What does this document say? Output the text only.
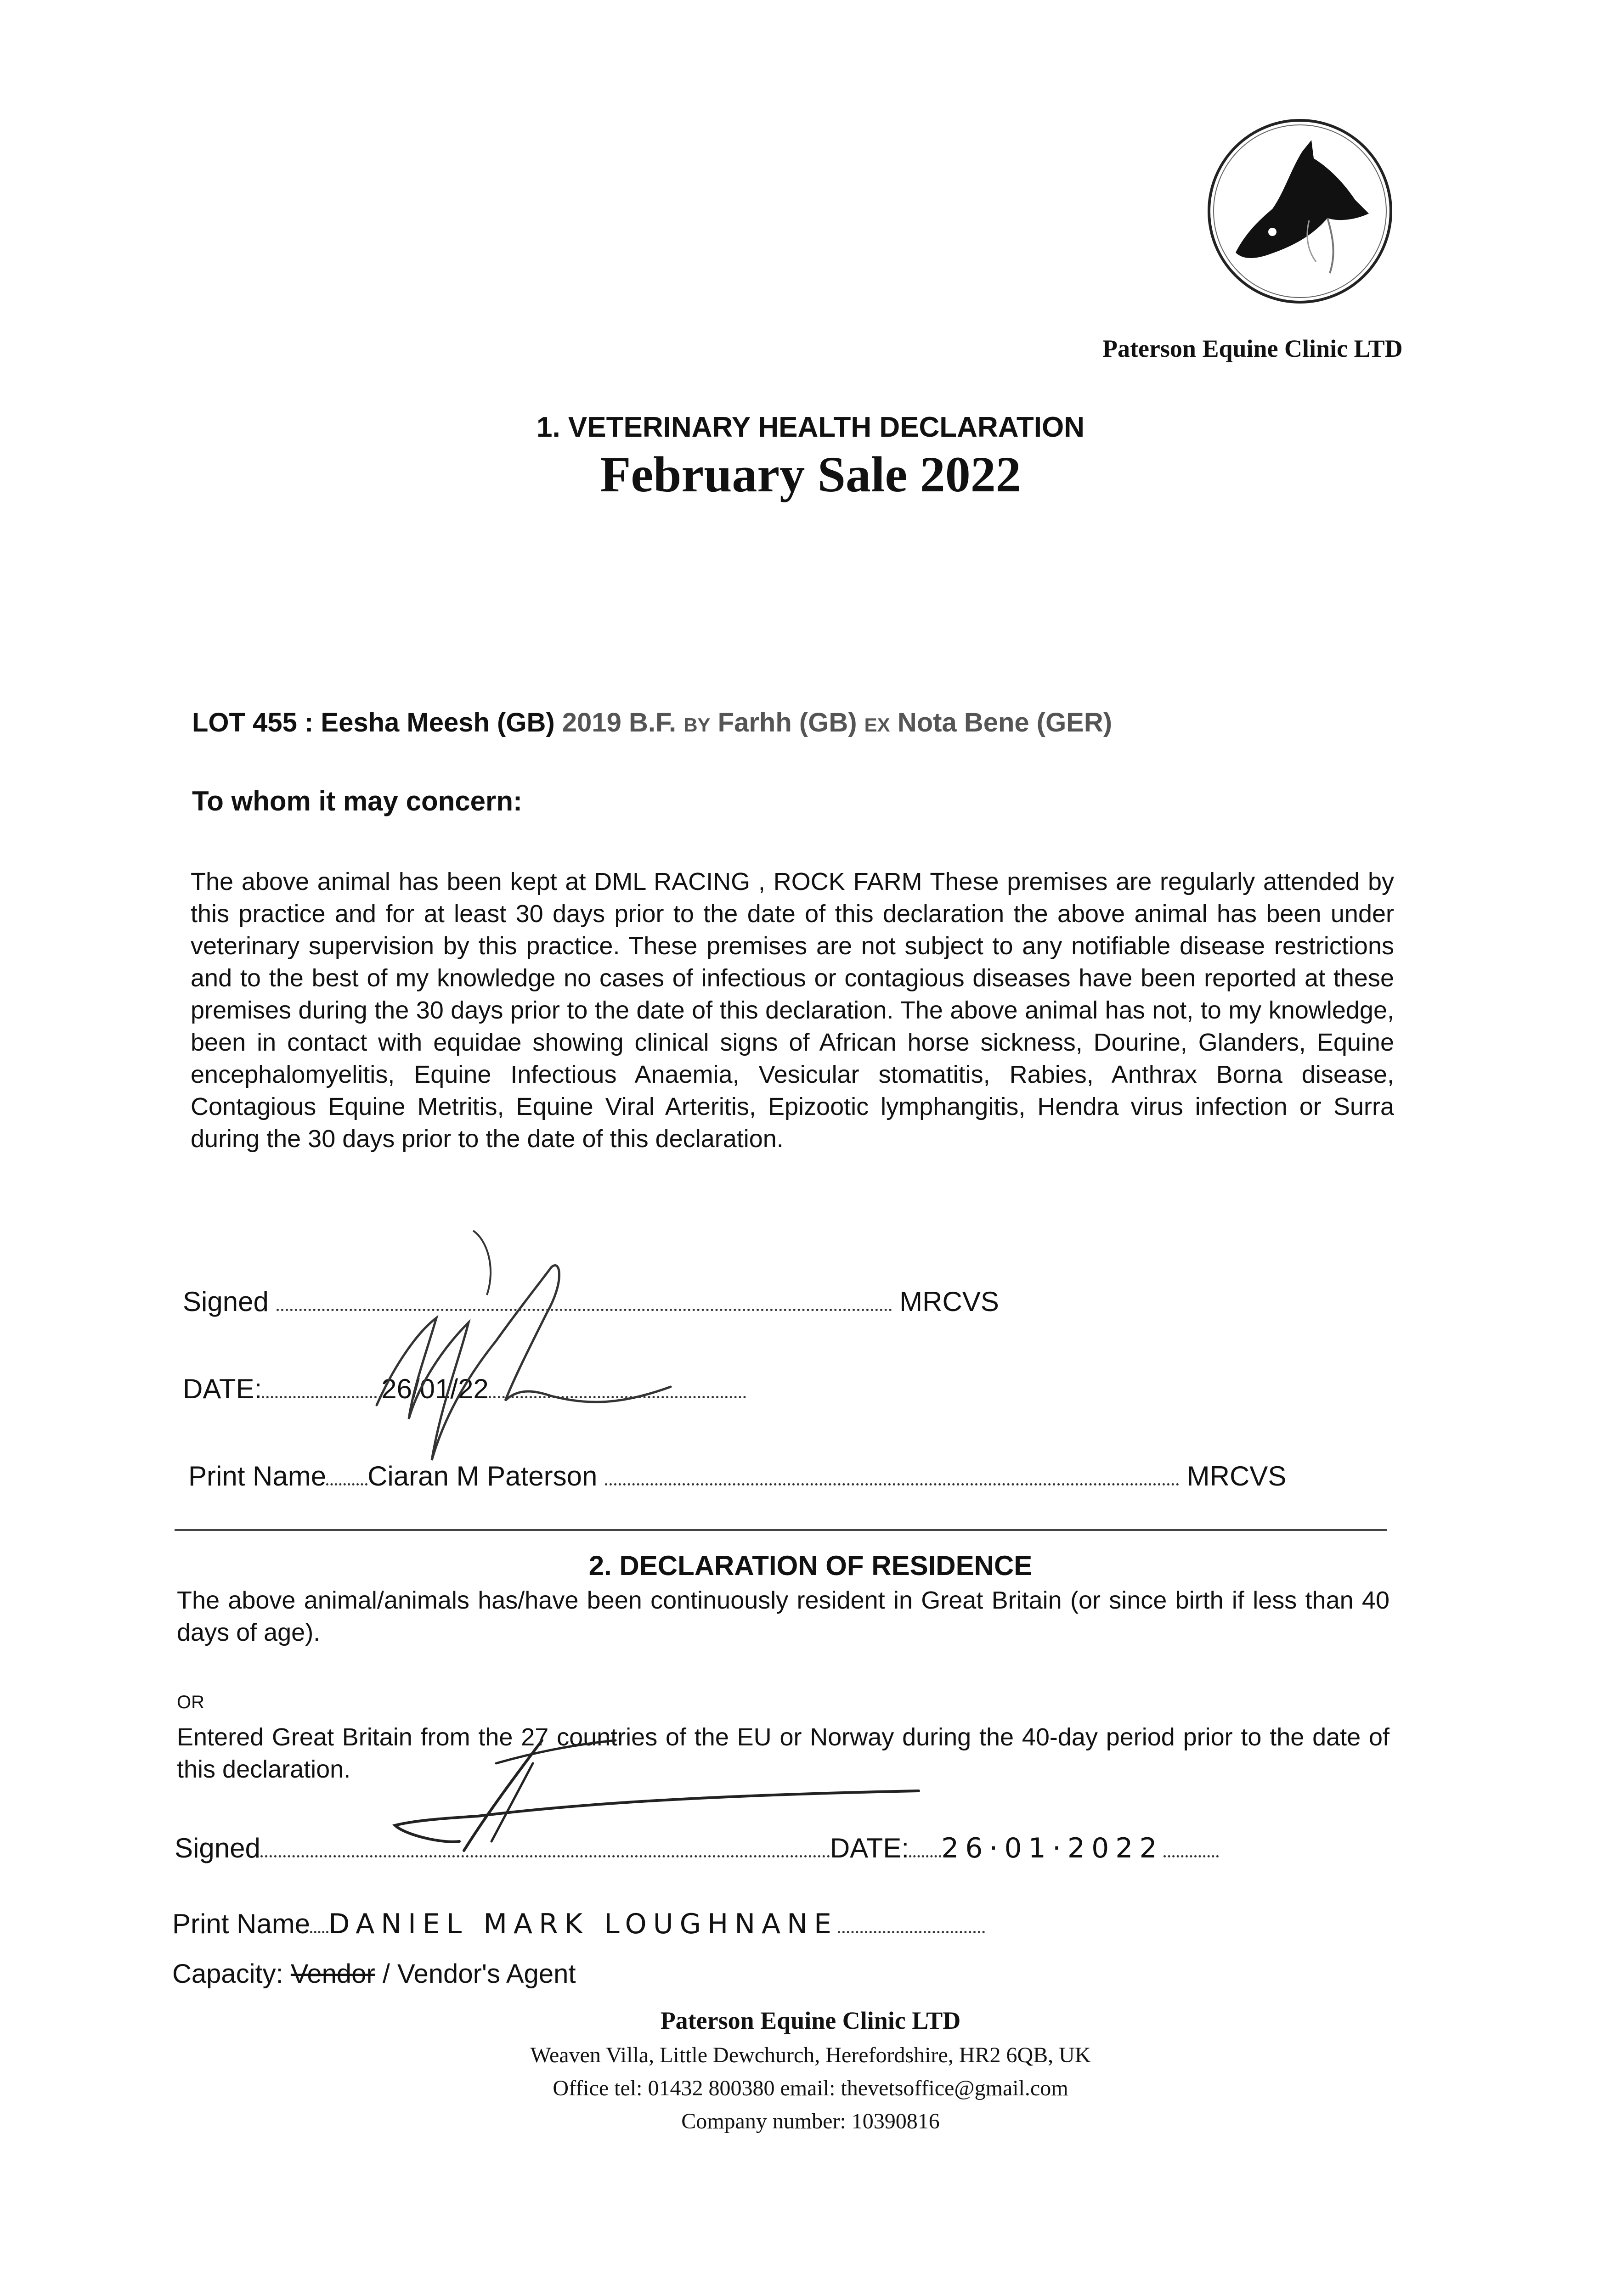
Paterson Equine Clinic LTD
1. VETERINARY HEALTH DECLARATION
February Sale 2022
LOT 455 : Eesha Meesh (GB) 2019 B.F. BY Farhh (GB) EX Nota Bene (GER)
To whom it may concern:
The above animal has been kept at DML RACING , ROCK FARM These premises are regularly attended by this practice and for at least 30 days prior to the date of this declaration the above animal has been under veterinary supervision by this practice. These premises are not subject to any notifiable disease restrictions and to the best of my knowledge no cases of infectious or contagious diseases have been reported at these premises during the 30 days prior to the date of this declaration. The above animal has not, to my knowledge, been in contact with equidae showing clinical signs of African horse sickness, Dourine, Glanders, Equine encephalomyelitis, Equine Infectious Anaemia, Vesicular stomatitis, Rabies, Anthrax Borna disease, Contagious Equine Metritis, Equine Viral Arteritis, Epizootic lymphangitis, Hendra virus infection or Surra during the 30 days prior to the date of this declaration.
Signed	MRCVS
DATE:	26/01/22
Print Name Ciaran M Paterson	MRCVS
2. DECLARATION OF RESIDENCE
The above animal/animals has/have been continuously resident in Great Britain (or since birth if less than 40 days of age).
OR
Entered Great Britain from the 27 countries of the EU or Norway during the 40-day period prior to the date of this declaration.
Signed	DATE: 26·01·2022
Print Name DANIEL MARK LOUGHNANE
Capacity: Vendor / Vendor's Agent
Paterson Equine Clinic LTD
Weaven Villa, Little Dewchurch, Herefordshire, HR2 6QB, UK
Office tel: 01432 800380 email: thevetsoffice@gmail.com
Company number: 10390816
